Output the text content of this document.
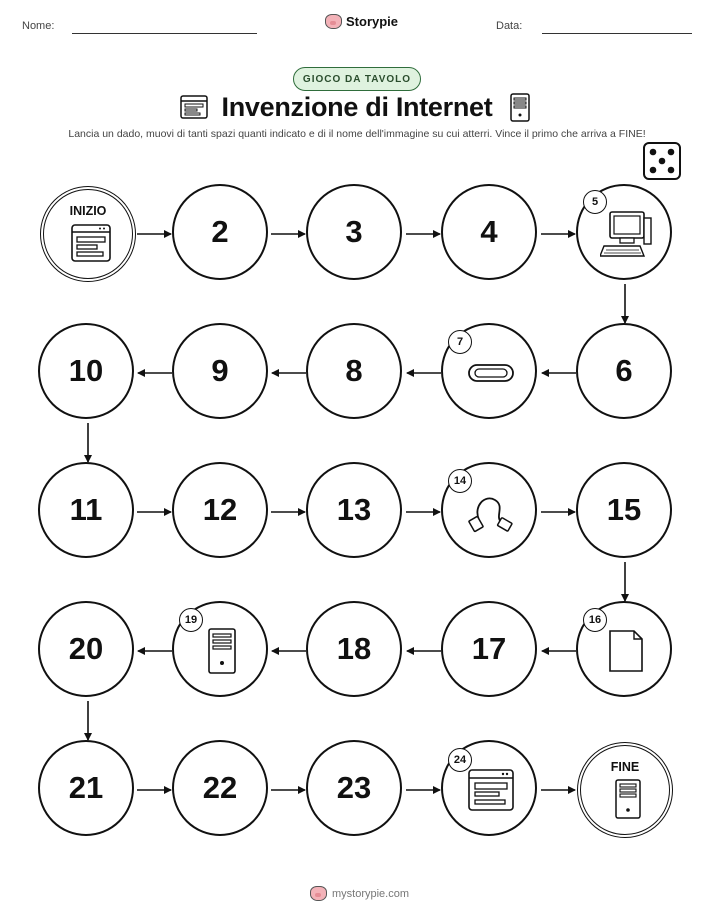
Nome:	Storypie	Data:
GIOCO DA TAVOLO
Invenzione di Internet
Lancia un dado, muovi di tanti spazi quanti indicato e di il nome dell'immagine su cui atterri. Vince il primo che arriva a FINE!
INIZIO
2	3	4
5
10	9	8
7
6
11	12	13
14
15
20
19
18	17
16
21	22	23
24	FINE
mystorypie.com
